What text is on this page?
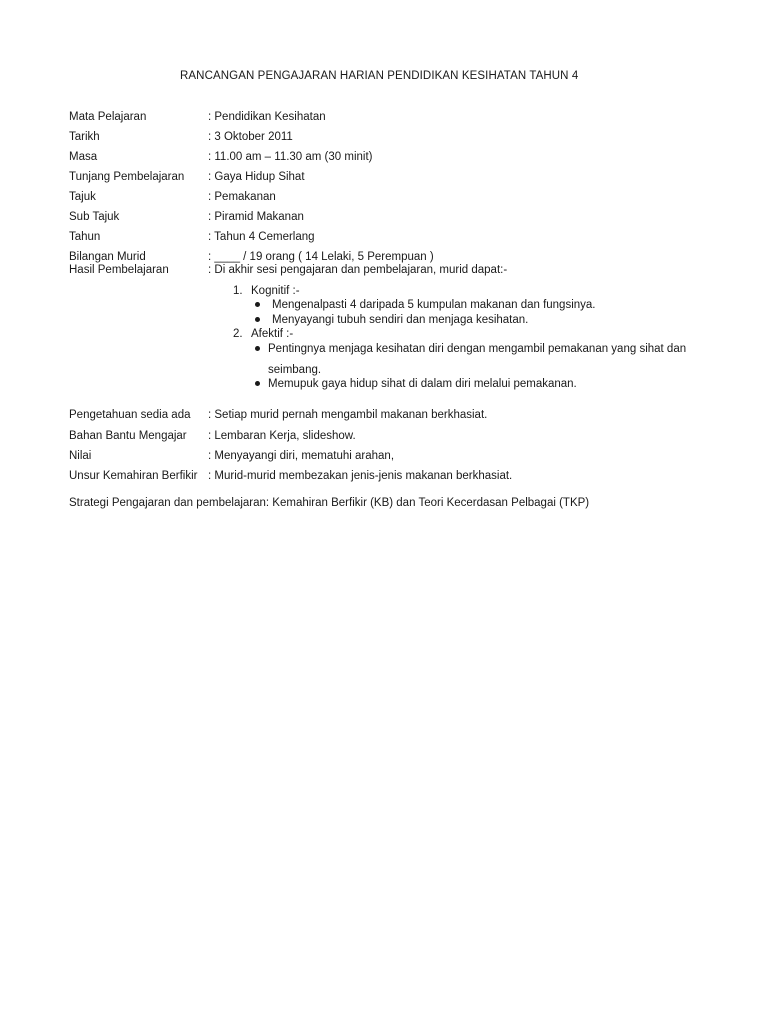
RANCANGAN PENGAJARAN HARIAN PENDIDIKAN KESIHATAN TAHUN 4
Mata Pelajaran	: Pendidikan Kesihatan
Tarikh	: 3 Oktober 2011
Masa	: 11.00 am – 11.30 am (30 minit)
Tunjang Pembelajaran : Gaya Hidup Sihat
Tajuk	: Pemakanan
Sub Tajuk	: Piramid Makanan
Tahun	: Tahun 4 Cemerlang
Bilangan Murid	: ____ / 19 orang ( 14 Lelaki, 5 Perempuan )
Hasil Pembelajaran	: Di akhir sesi pengajaran dan pembelajaran, murid dapat:-
1. Kognitif :-
Mengenalpasti 4 daripada 5 kumpulan makanan dan fungsinya.
Menyayangi tubuh sendiri dan menjaga kesihatan.
2. Afektif :-
Pentingnya menjaga kesihatan diri dengan mengambil pemakanan yang sihat dan
seimbang.
Memupuk gaya hidup sihat di dalam diri melalui pemakanan.
Pengetahuan sedia ada : Setiap murid pernah mengambil makanan berkhasiat.
Bahan Bantu Mengajar : Lembaran Kerja, slideshow.
Nilai	: Menyayangi diri, mematuhi arahan,
Unsur Kemahiran Berfikir : Murid-murid membezakan jenis-jenis makanan berkhasiat.
Strategi Pengajaran dan pembelajaran: Kemahiran Berfikir (KB) dan Teori Kecerdasan Pelbagai (TKP)
